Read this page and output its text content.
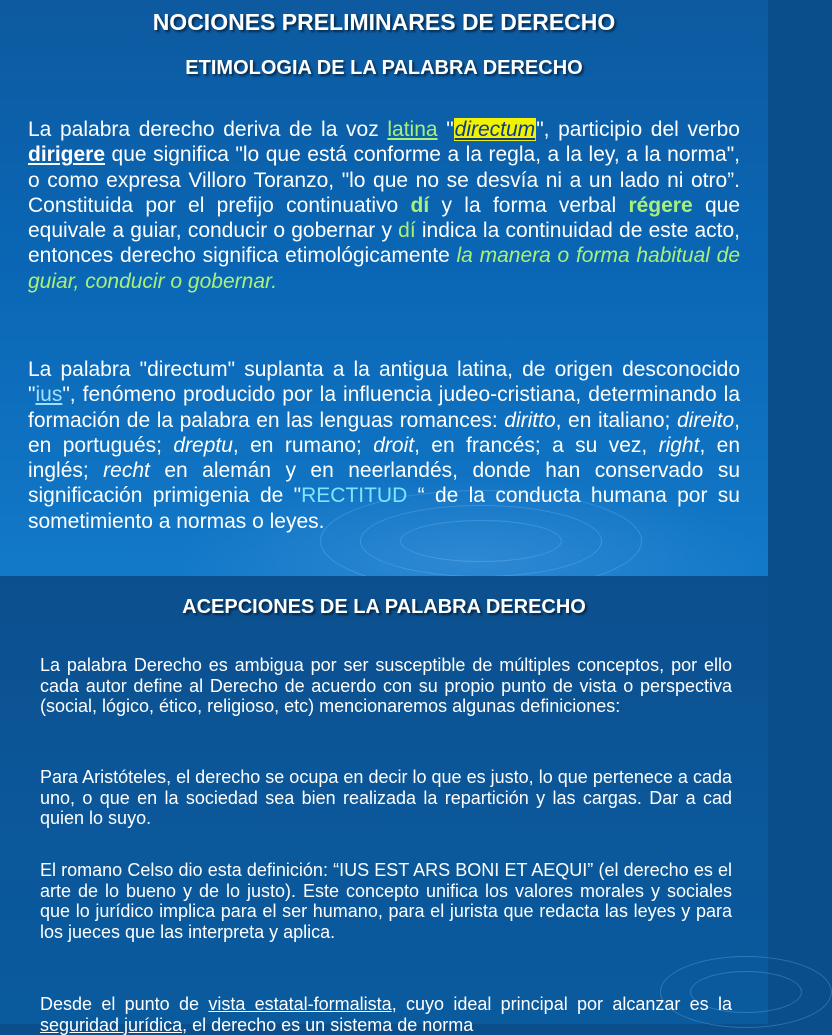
NOCIONES PRELIMINARES DE DERECHO
ETIMOLOGIA DE LA PALABRA DERECHO

La palabra derecho deriva de la voz latina "directum", participio del verbo dirigere que significa "lo que está conforme a la regla, a la ley, a la norma", o como expresa Villoro Toranzo, "lo que no se desvía ni a un lado ni otro”. Constituida por el prefijo continuativo dí y la forma verbal régere que equivale a guiar, conducir o gobernar y dí indica la continuidad de este acto, entonces derecho significa etimológicamente la manera o forma habitual de guiar, conducir o gobernar.

La palabra "directum" suplanta a la antigua latina, de origen desconocido "ius", fenómeno producido por la influencia judeo-cristiana, determinando la formación de la palabra en las lenguas romances: diritto, en italiano; direito, en portugués; dreptu, en rumano; droit, en francés; a su vez, right, en inglés; recht en alemán y en neerlandés, donde han conservado su significación primigenia de "RECTITUD “ de la conducta humana por su sometimiento a normas o leyes.

ACEPCIONES DE LA PALABRA DERECHO

La palabra Derecho es ambigua por ser susceptible de múltiples conceptos, por ello cada autor define al Derecho de acuerdo con su propio punto de vista o perspectiva (social, lógico, ético, religioso, etc) mencionaremos algunas definiciones:

Para Aristóteles, el derecho se ocupa en decir lo que es justo, lo que pertenece a cada uno, o que en la sociedad sea bien realizada la repartición y las cargas. Dar a cad quien lo suyo.

El romano Celso dio esta definición: “IUS EST ARS BONI ET AEQUI” (el derecho es el arte de lo bueno y de lo justo). Este concepto unifica los valores morales y sociales que lo jurídico implica para el ser humano, para el jurista que redacta las leyes y para los jueces que las interpreta y aplica.

Desde el punto de vista estatal-formalista, cuyo ideal principal por alcanzar es la seguridad jurídica, el derecho es un sistema de norma
